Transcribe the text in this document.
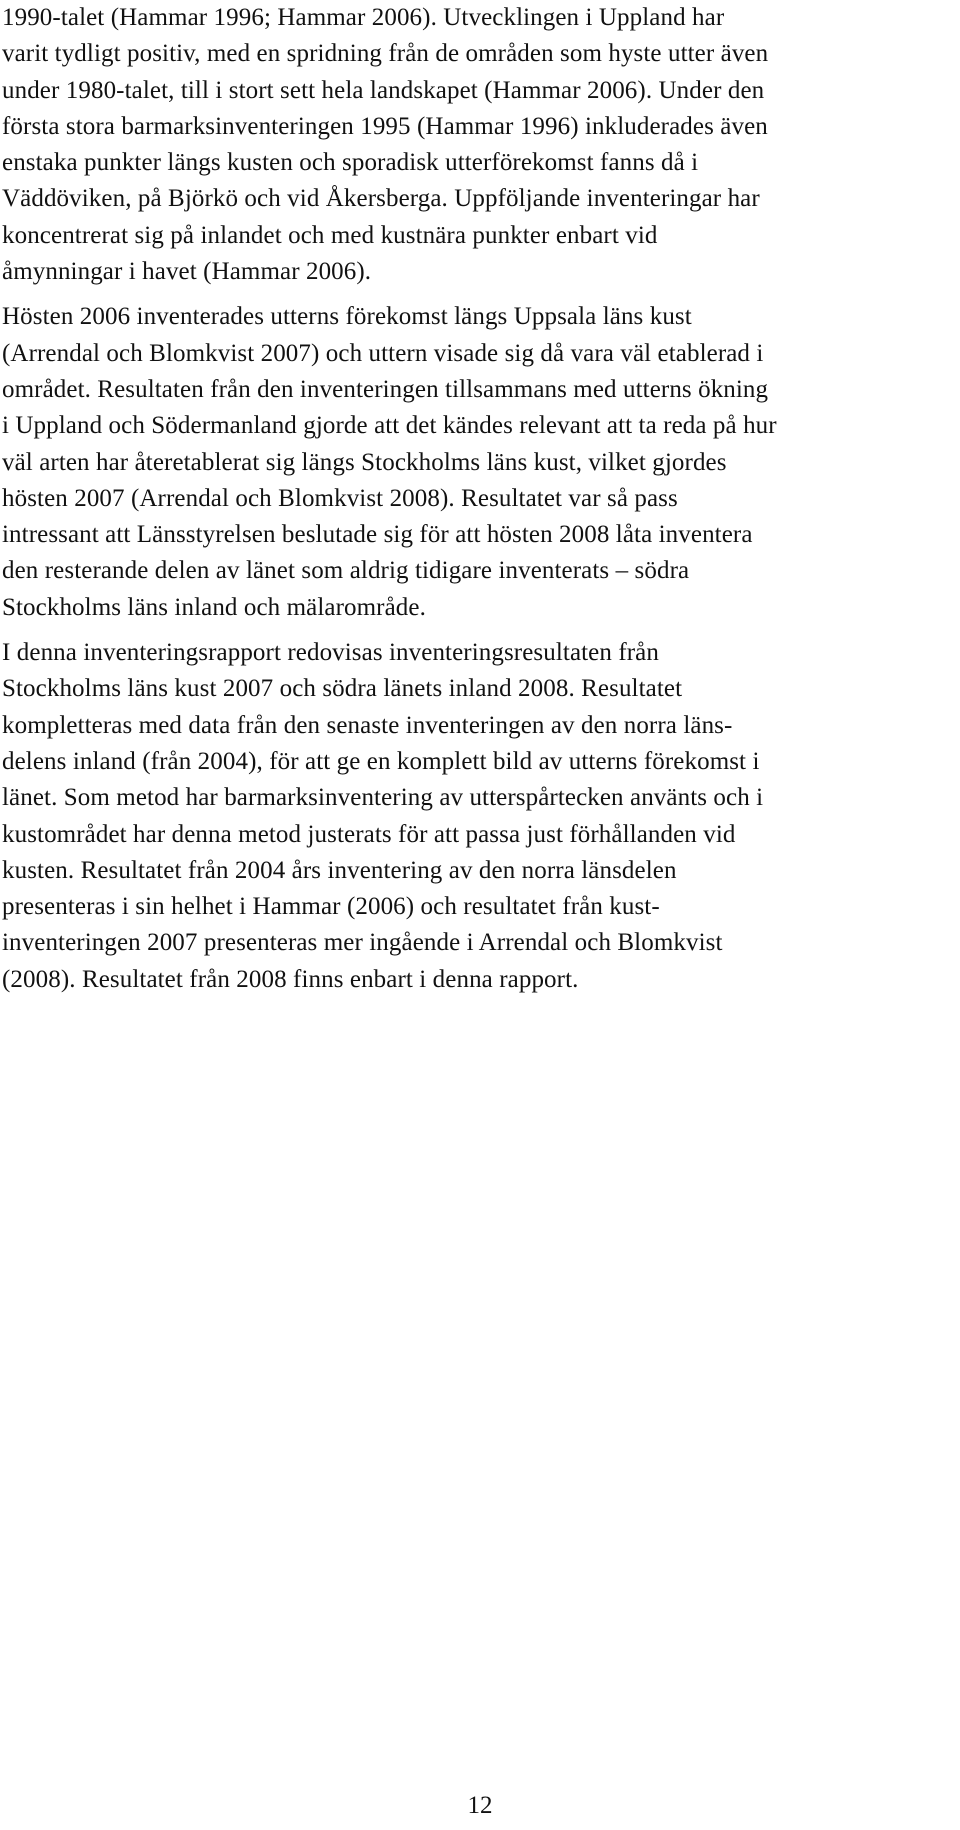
1990-talet (Hammar 1996; Hammar 2006). Utvecklingen i Uppland har
varit tydligt positiv, med en spridning från de områden som hyste utter även
under 1980-talet, till i stort sett hela landskapet (Hammar 2006). Under den
första stora barmarksinventeringen 1995 (Hammar 1996) inkluderades även
enstaka punkter längs kusten och sporadisk utterförekomst fanns då i
Väddöviken, på Björkö och vid Åkersberga. Uppföljande inventeringar har
koncentrerat sig på inlandet och med kustnära punkter enbart vid
åmynningar i havet (Hammar 2006).

Hösten 2006 inventerades utterns förekomst längs Uppsala läns kust
(Arrendal och Blomkvist 2007) och uttern visade sig då vara väl etablerad i
området. Resultaten från den inventeringen tillsammans med utterns ökning
i Uppland och Södermanland gjorde att det kändes relevant att ta reda på hur
väl arten har återetablerat sig längs Stockholms läns kust, vilket gjordes
hösten 2007 (Arrendal och Blomkvist 2008). Resultatet var så pass
intressant att Länsstyrelsen beslutade sig för att hösten 2008 låta inventera
den resterande delen av länet som aldrig tidigare inventerats – södra
Stockholms läns inland och mälarområde.

I denna inventeringsrapport redovisas inventeringsresultaten från
Stockholms läns kust 2007 och södra länets inland 2008. Resultatet
kompletteras med data från den senaste inventeringen av den norra läns-
delens inland (från 2004), för att ge en komplett bild av utterns förekomst i
länet. Som metod har barmarksinventering av utterspårtecken använts och i
kustområdet har denna metod justerats för att passa just förhållanden vid
kusten. Resultatet från 2004 års inventering av den norra länsdelen
presenteras i sin helhet i Hammar (2006) och resultatet från kust-
inventeringen 2007 presenteras mer ingående i Arrendal och Blomkvist
(2008). Resultatet från 2008 finns enbart i denna rapport.

12
